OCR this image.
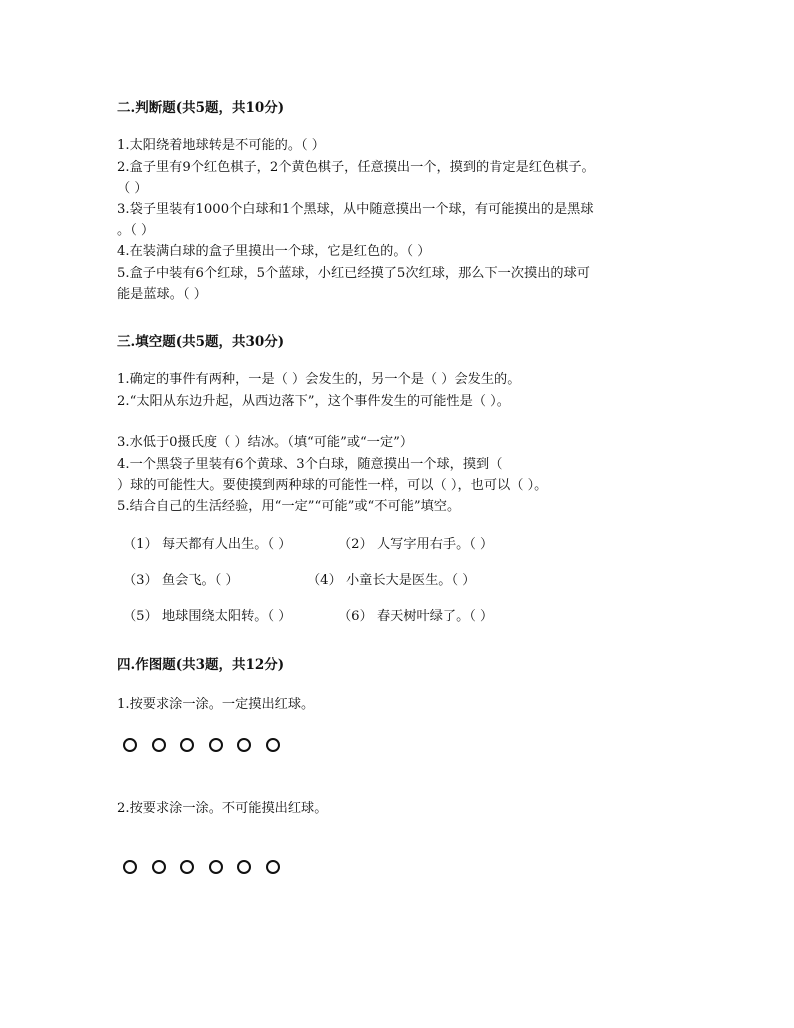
二.判断题(共5题，共10分)
1.太阳绕着地球转是不可能的。（ ）
2.盒子里有9个红色棋子，2个黄色棋子，任意摸出一个，摸到的肯定是红色棋子。
（ ）
3.袋子里装有1000个白球和1个黑球，从中随意摸出一个球，有可能摸出的是黑球
。（ ）
4.在装满白球的盒子里摸出一个球，它是红色的。（ ）
5.盒子中装有6个红球，5个蓝球，小红已经摸了5次红球，那么下一次摸出的球可
能是蓝球。（ ）
三.填空题(共5题，共30分)
1.确定的事件有两种，一是（ ）会发生的，另一个是（ ）会发生的。
2.“太阳从东边升起，从西边落下”，这个事件发生的可能性是（ ）。
3.水低于0摄氏度（ ）结冰。（填“可能”或“一定”）
4.一个黑袋子里装有6个黄球、3个白球，随意摸出一个球，摸到（
）球的可能性大。要使摸到两种球的可能性一样，可以（ ），也可以（ ）。
5.结合自己的生活经验，用“一定”“可能”或“不可能”填空。
（1） 每天都有人出生。（ ）	（2） 人写字用右手。（ ）
（3） 鱼会飞。（ ）	（4） 小童长大是医生。（ ）
（5） 地球围绕太阳转。（ ）	（6） 春天树叶绿了。（ ）
四.作图题(共3题，共12分)
1.按要求涂一涂。一定摸出红球。
2.按要求涂一涂。不可能摸出红球。
